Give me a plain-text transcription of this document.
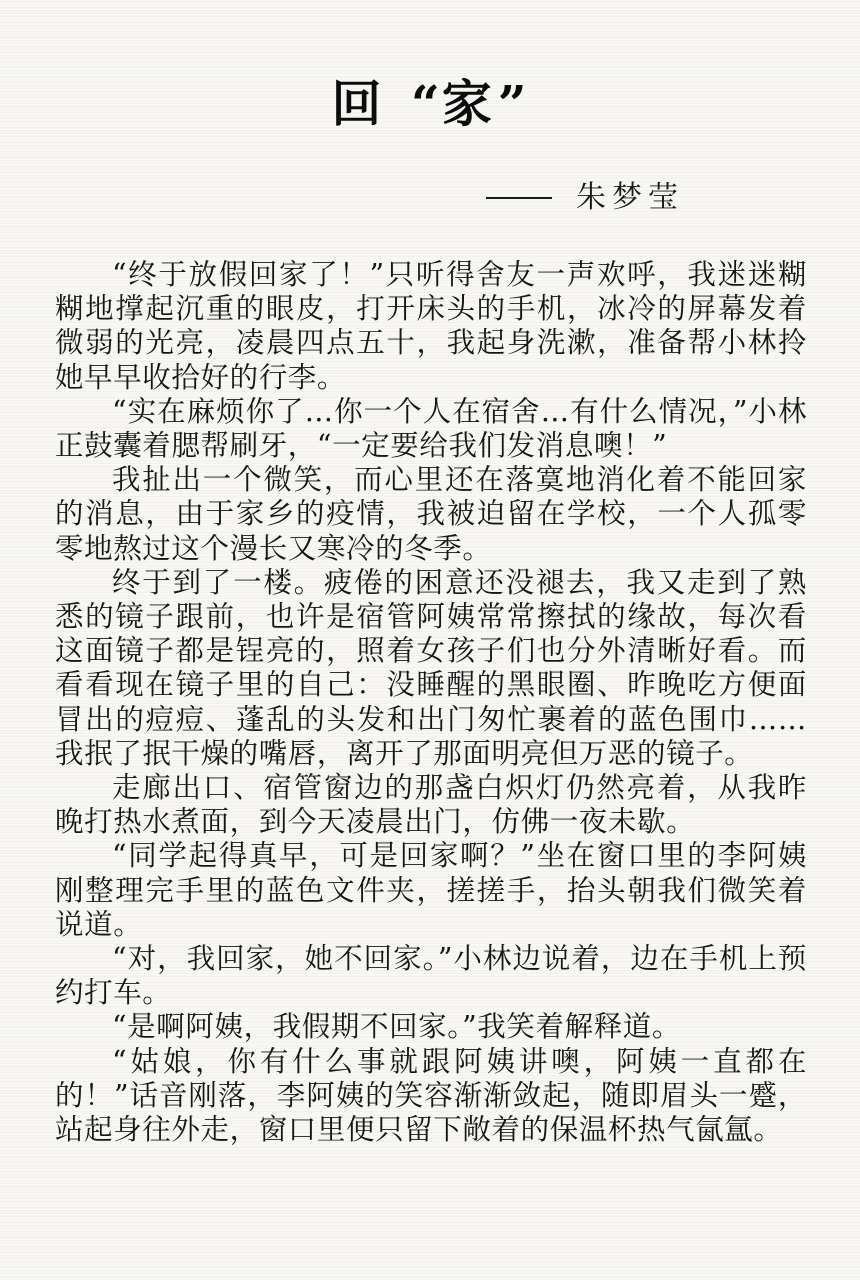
回 “家”
朱梦莹

“终于放假回家了！”只听得舍友一声欢呼，我迷迷糊糊地撑起沉重的眼皮，打开床头的手机，冰冷的屏幕发着微弱的光亮，凌晨四点五十，我起身洗漱，准备帮小林拎她早早收拾好的行李。

“实在麻烦你了…你一个人在宿舍…有什么情况，”小林正鼓囊着腮帮刷牙，“一定要给我们发消息噢！”

我扯出一个微笑，而心里还在落寞地消化着不能回家的消息，由于家乡的疫情，我被迫留在学校，一个人孤零零地熬过这个漫长又寒冷的冬季。

终于到了一楼。疲倦的困意还没褪去，我又走到了熟悉的镜子跟前，也许是宿管阿姨常常擦拭的缘故，每次看这面镜子都是锃亮的，照着女孩子们也分外清晰好看。而看看现在镜子里的自己：没睡醒的黑眼圈、昨晚吃方便面冒出的痘痘、蓬乱的头发和出门匆忙裹着的蓝色围巾……我抿了抿干燥的嘴唇，离开了那面明亮但万恶的镜子。

走廊出口、宿管窗边的那盏白炽灯仍然亮着，从我昨晚打热水煮面，到今天凌晨出门，仿佛一夜未歇。

“同学起得真早，可是回家啊？”坐在窗口里的李阿姨刚整理完手里的蓝色文件夹，搓搓手，抬头朝我们微笑着说道。

“对，我回家，她不回家。”小林边说着，边在手机上预约打车。

“是啊阿姨，我假期不回家。”我笑着解释道。

“姑娘，你有什么事就跟阿姨讲噢，阿姨一直都在的！”话音刚落，李阿姨的笑容渐渐敛起，随即眉头一蹙，站起身往外走，窗口里便只留下敞着的保温杯热气氤氲。
